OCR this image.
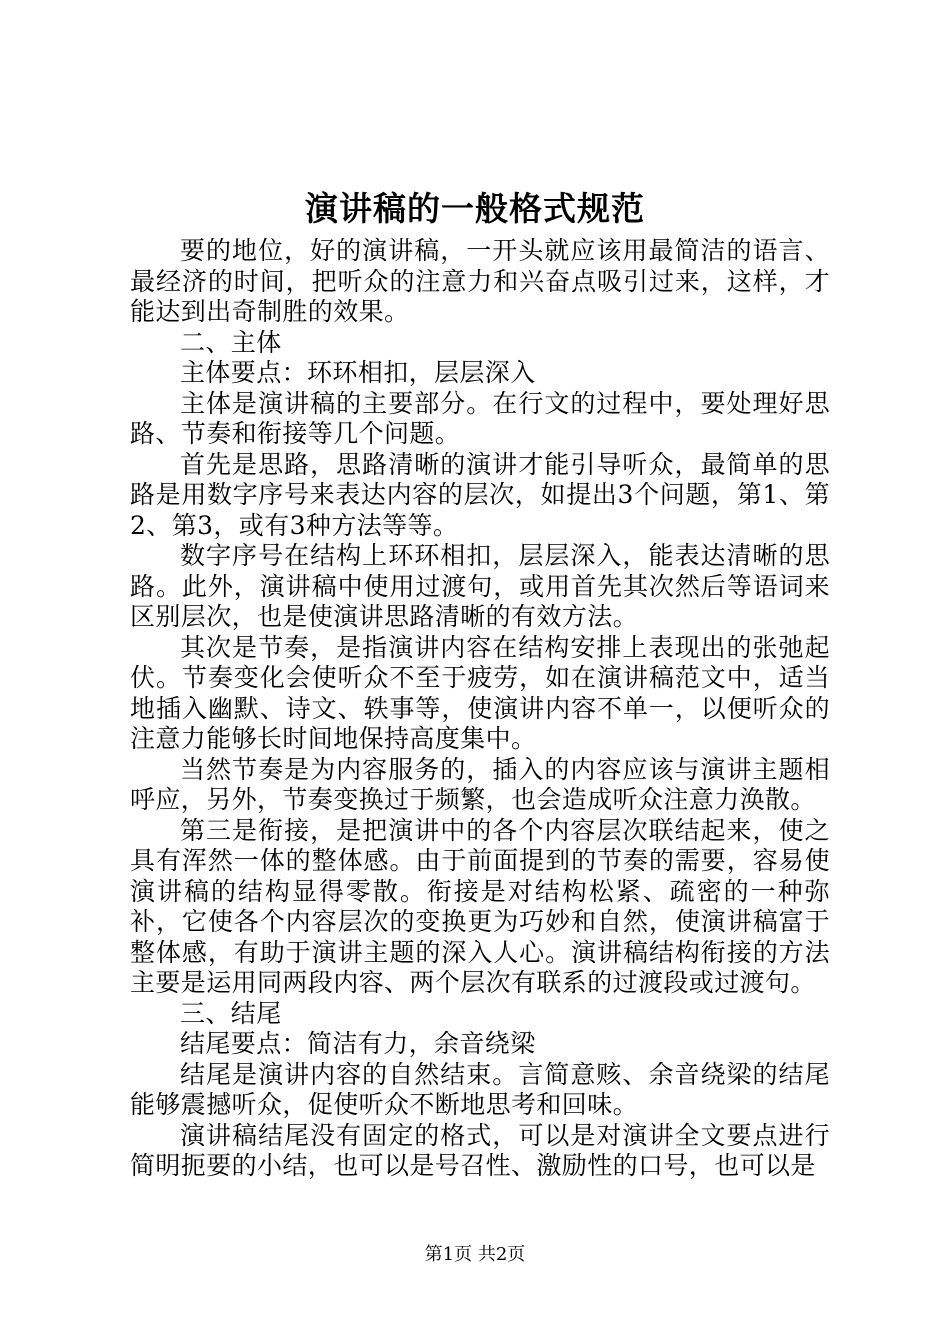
演讲稿的一般格式规范

要的地位，好的演讲稿，一开头就应该用最简洁的语言、最经济的时间，把听众的注意力和兴奋点吸引过来，这样，才能达到出奇制胜的效果。

二、主体

主体要点：环环相扣，层层深入

主体是演讲稿的主要部分。在行文的过程中，要处理好思路、节奏和衔接等几个问题。

首先是思路，思路清晰的演讲才能引导听众，最简单的思路是用数字序号来表达内容的层次，如提出3个问题，第1、第2、第3，或有3种方法等等。

数字序号在结构上环环相扣，层层深入，能表达清晰的思路。此外，演讲稿中使用过渡句，或用首先其次然后等语词来区别层次，也是使演讲思路清晰的有效方法。

其次是节奏，是指演讲内容在结构安排上表现出的张弛起伏。节奏变化会使听众不至于疲劳，如在演讲稿范文中，适当地插入幽默、诗文、轶事等，使演讲内容不单一，以便听众的注意力能够长时间地保持高度集中。

当然节奏是为内容服务的，插入的内容应该与演讲主题相呼应，另外，节奏变换过于频繁，也会造成听众注意力涣散。

第三是衔接，是把演讲中的各个内容层次联结起来，使之具有浑然一体的整体感。由于前面提到的节奏的需要，容易使演讲稿的结构显得零散。衔接是对结构松紧、疏密的一种弥补，它使各个内容层次的变换更为巧妙和自然，使演讲稿富于整体感，有助于演讲主题的深入人心。演讲稿结构衔接的方法主要是运用同两段内容、两个层次有联系的过渡段或过渡句。

三、结尾

结尾要点：简洁有力，余音绕梁

结尾是演讲内容的自然结束。言简意赅、余音绕梁的结尾能够震撼听众，促使听众不断地思考和回味。

演讲稿结尾没有固定的格式，可以是对演讲全文要点进行简明扼要的小结，也可以是号召性、激励性的口号，也可以是

第1页 共2页
